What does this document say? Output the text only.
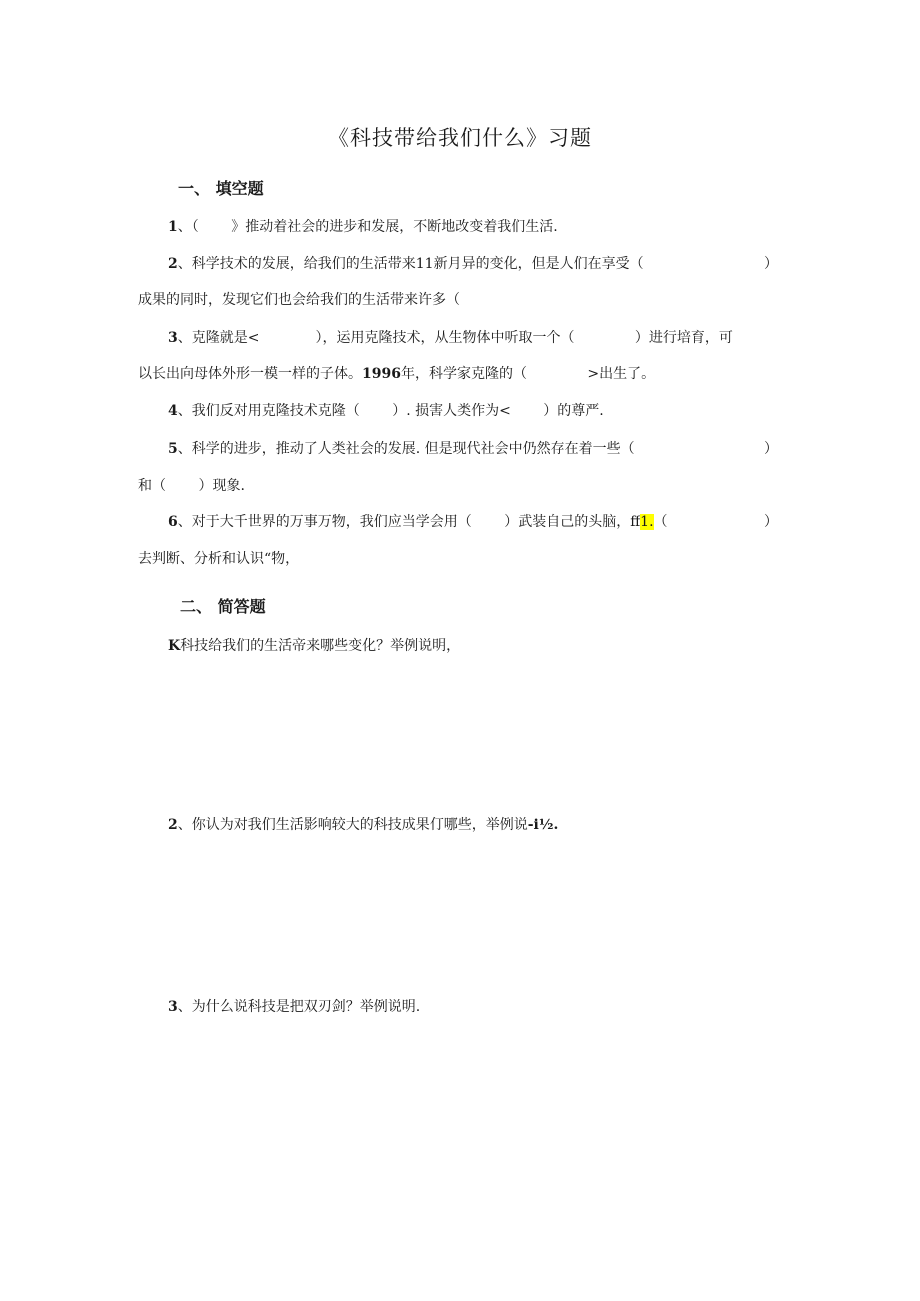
《科技带给我们什么》习题
一、 填空题
1、（　　 》推动着社会的进步和发展，不断地改变着我们生活.
2、科学技术的发展，给我们的生活带来11新月异的变化，但是人们在享受（	）
成果的同时，发现它们也会给我们的生活带来许多（
3、克隆就是<　　　　），运用克隆技术，从生物体中听取一个（　　　　 ）进行培育，可
以长出向母体外形一模一样的子体。1996年，科学家克隆的（　　　　 >出生了。
4、我们反对用克隆技术克隆（　　 ）. 损害人类作为<　　 ）的尊严.
5、科学的进步，推动了人类社会的发展. 但是现代社会中仍然存在着一些（	）
和（　　 ）现象.
6、对于大千世界的万事万物，我们应当学会用（　　 ）武装自己的头脑，ff1.（	）
去判断、分析和认识“物，
二、 简答题
K科技给我们的生活帝来哪些变化？举例说明，
2、你认为对我们生活影响较大的科技成果仃哪些，举例说-i½.
3、为什么说科技是把双刃剑？举例说明.
